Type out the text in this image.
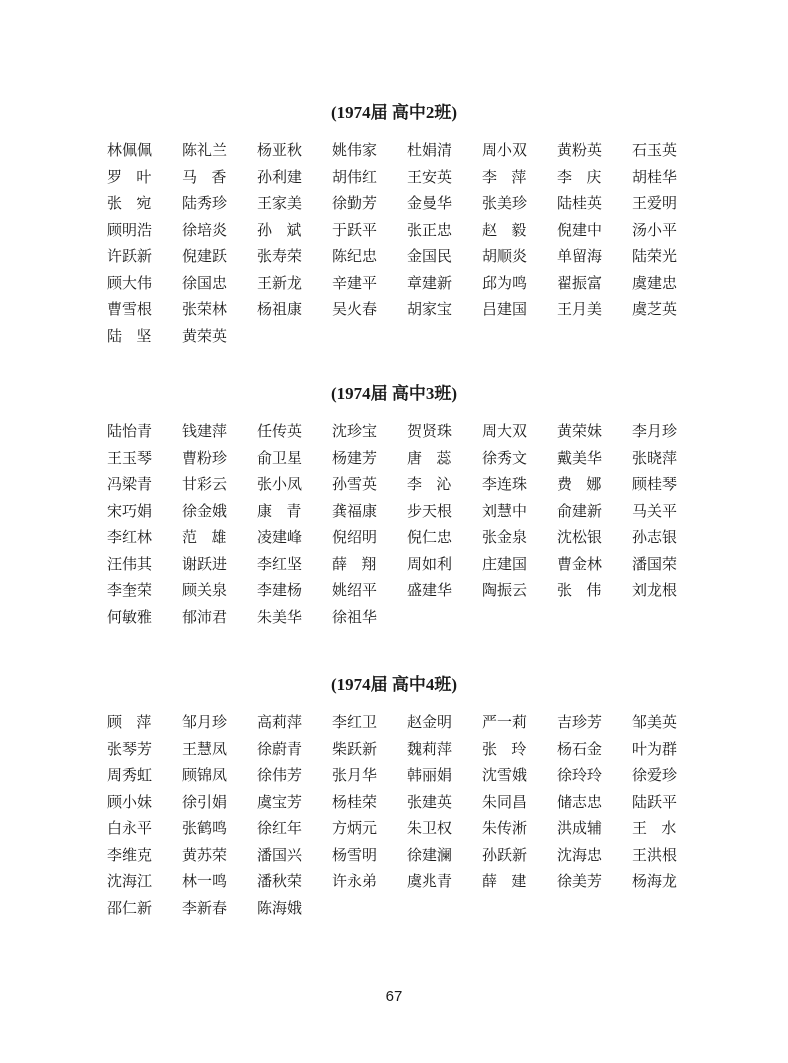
(1974届 高中2班)
林佩佩	陈礼兰	杨亚秋	姚伟家	杜娟清	周小双	黄粉英	石玉英
罗叶	马香	孙利建	胡伟红	王安英	李萍	李庆	胡桂华
张宛	陆秀珍	王家美	徐勤芳	金曼华	张美珍	陆桂英	王爱明
顾明浩	徐培炎	孙斌	于跃平	张正忠	赵毅	倪建中	汤小平
许跃新	倪建跃	张寿荣	陈纪忠	金国民	胡顺炎	单留海	陆荣光
顾大伟	徐国忠	王新龙	辛建平	章建新	邱为鸣	翟振富	虞建忠
曹雪根	张荣林	杨祖康	吴火春	胡家宝	吕建国	王月美	虞芝英
陆坚	黄荣英
(1974届 高中3班)
陆怡青	钱建萍	任传英	沈珍宝	贺贤珠	周大双	黄荣妹	李月珍
王玉琴	曹粉珍	俞卫星	杨建芳	唐蕊	徐秀文	戴美华	张晓萍
冯梁青	甘彩云	张小凤	孙雪英	李沁	李连珠	费娜	顾桂琴
宋巧娟	徐金娥	康青	龚福康	步天根	刘慧中	俞建新	马关平
李红林	范雄	凌建峰	倪绍明	倪仁忠	张金泉	沈松银	孙志银
汪伟其	谢跃进	李红坚	薛翔	周如利	庄建国	曹金林	潘国荣
李奎荣	顾关泉	李建杨	姚绍平	盛建华	陶振云	张伟	刘龙根
何敏雅	郁沛君	朱美华	徐祖华
(1974届 高中4班)
顾萍	邹月珍	高莉萍	李红卫	赵金明	严一莉	吉珍芳	邹美英
张琴芳	王慧凤	徐蔚青	柴跃新	魏莉萍	张玲	杨石金	叶为群
周秀虹	顾锦凤	徐伟芳	张月华	韩丽娟	沈雪娥	徐玲玲	徐爱珍
顾小妹	徐引娟	虞宝芳	杨桂荣	张建英	朱同昌	储志忠	陆跃平
白永平	张鹤鸣	徐红年	方炳元	朱卫权	朱传淅	洪成辅	王水
李维克	黄苏荣	潘国兴	杨雪明	徐建澜	孙跃新	沈海忠	王洪根
沈海江	林一鸣	潘秋荣	许永弟	虞兆青	薛建	徐美芳	杨海龙
邵仁新	李新春	陈海娥
67
